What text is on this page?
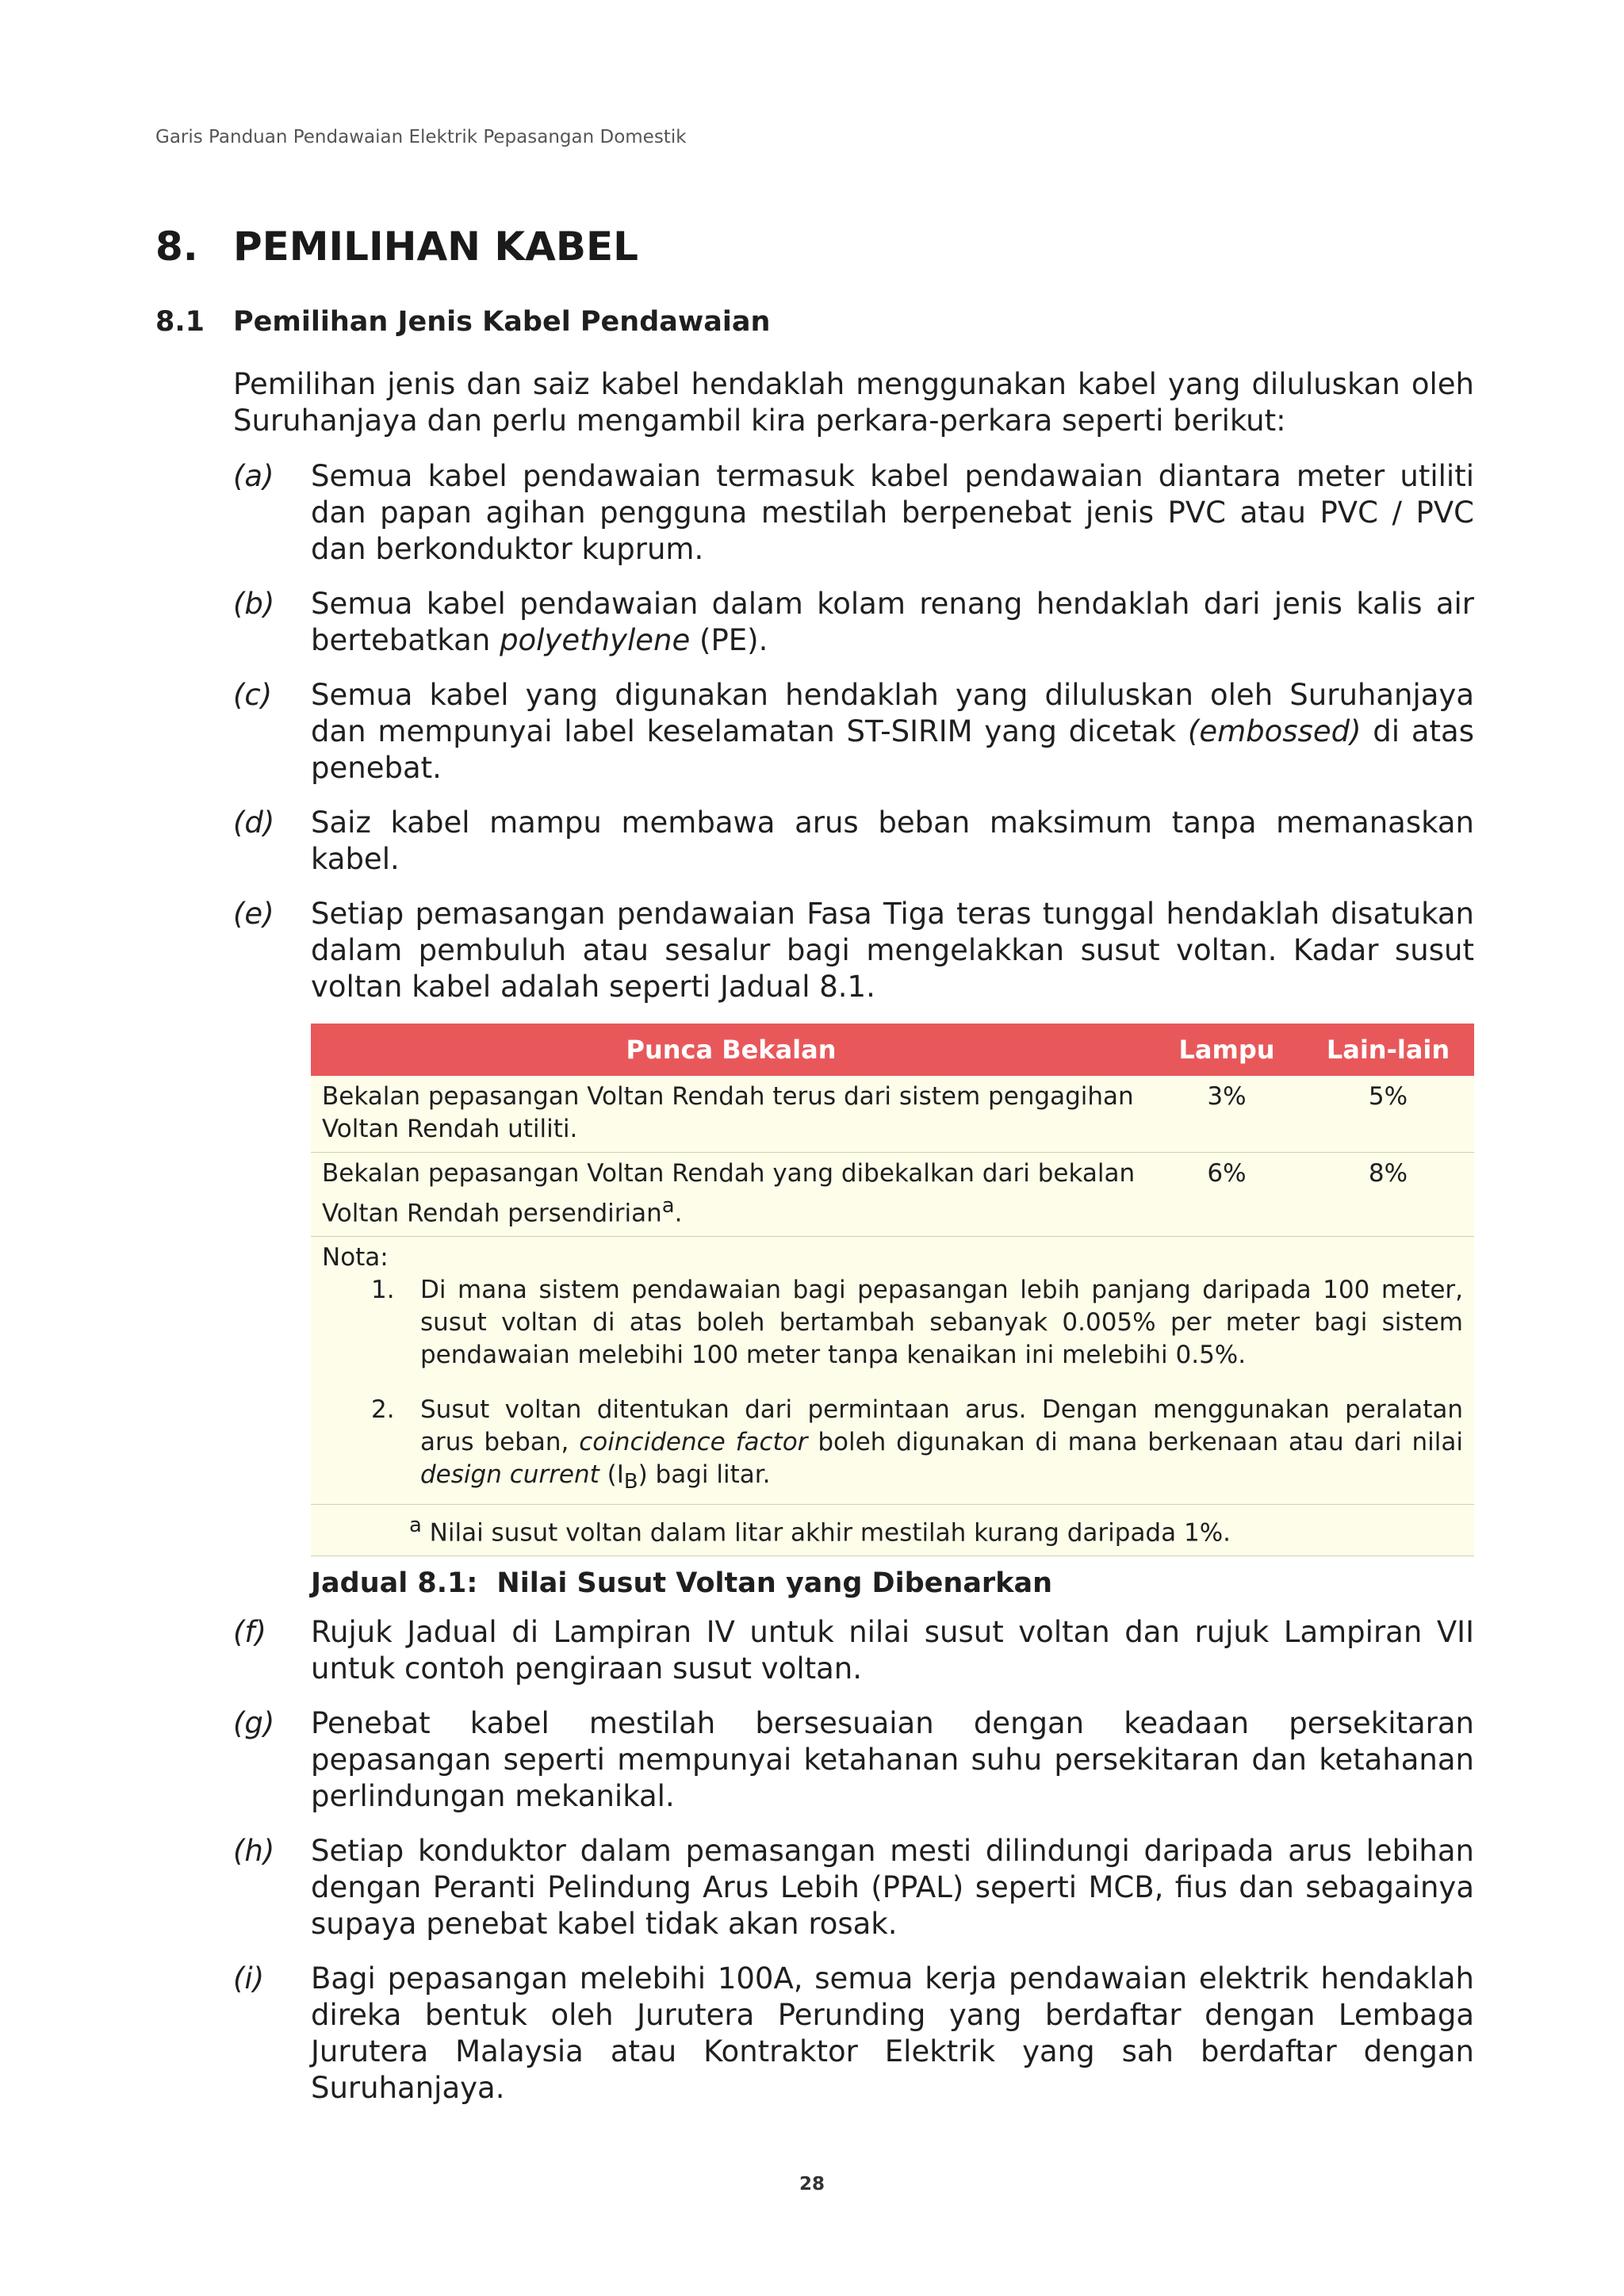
Garis Panduan Pendawaian Elektrik Pepasangan Domestik
8. PEMILIHAN KABEL
8.1	Pemilihan Jenis Kabel Pendawaian

Pemilihan jenis dan saiz kabel hendaklah menggunakan kabel yang diluluskan oleh Suruhanjaya dan perlu mengambil kira perkara-perkara seperti berikut:

(a) Semua kabel pendawaian termasuk kabel pendawaian diantara meter utiliti dan papan agihan pengguna mestilah berpenebat jenis PVC atau PVC / PVC dan berkonduktor kuprum.
(b) Semua kabel pendawaian dalam kolam renang hendaklah dari jenis kalis air bertebatkan polyethylene (PE).
(c) Semua kabel yang digunakan hendaklah yang diluluskan oleh Suruhanjaya dan mempunyai label keselamatan ST-SIRIM yang dicetak (embossed) di atas penebat.
(d) Saiz kabel mampu membawa arus beban maksimum tanpa memanaskan kabel.
(e) Setiap pemasangan pendawaian Fasa Tiga teras tunggal hendaklah disatukan dalam pembuluh atau sesalur bagi mengelakkan susut voltan. Kadar susut voltan kabel adalah seperti Jadual 8.1.
Punca Bekalan	Lampu	Lain-lain
Bekalan pepasangan Voltan Rendah terus dari sistem pengagihan Voltan Rendah utiliti.	3%	5%
Bekalan pepasangan Voltan Rendah yang dibekalkan dari bekalan Voltan Rendah persendirian$^a$.	6%	8%

Nota:
1. Di mana sistem pendawaian bagi pepasangan lebih panjang daripada 100 meter, susut voltan di atas boleh bertambah sebanyak 0.005% per meter bagi sistem pendawaian melebihi 100 meter tanpa kenaikan ini melebihi 0.5%.
2. Susut voltan ditentukan dari permintaan arus. Dengan menggunakan peralatan arus beban, coincidence factor boleh digunakan di mana berkenaan atau dari nilai design current $(I_B)$ bagi litar.		

$^a$ Nilai susut voltan dalam litar akhir mestilah kurang daripada 1%.		
Jadual 8.1: Nilai Susut Voltan yang Dibenarkan
(f) Rujuk Jadual di Lampiran IV untuk nilai susut voltan dan rujuk Lampiran VII untuk contoh pengiraan susut voltan.
(g) Penebat kabel mestilah bersesuaian dengan keadaan persekitaran pepasangan seperti mempunyai ketahanan suhu persekitaran dan ketahanan perlindungan mekanikal.
(h) Setiap konduktor dalam pemasangan mesti dilindungi daripada arus lebihan dengan Peranti Pelindung Arus Lebih (PPAL) seperti MCB, fius dan sebagainya supaya penebat kabel tidak akan rosak.
(i) Bagi pepasangan melebihi 100A, semua kerja pendawaian elektrik hendaklah direka bentuk oleh Jurutera Perunding yang berdaftar dengan Lembaga Jurutera Malaysia atau Kontraktor Elektrik yang sah berdaftar dengan Suruhanjaya.
28
